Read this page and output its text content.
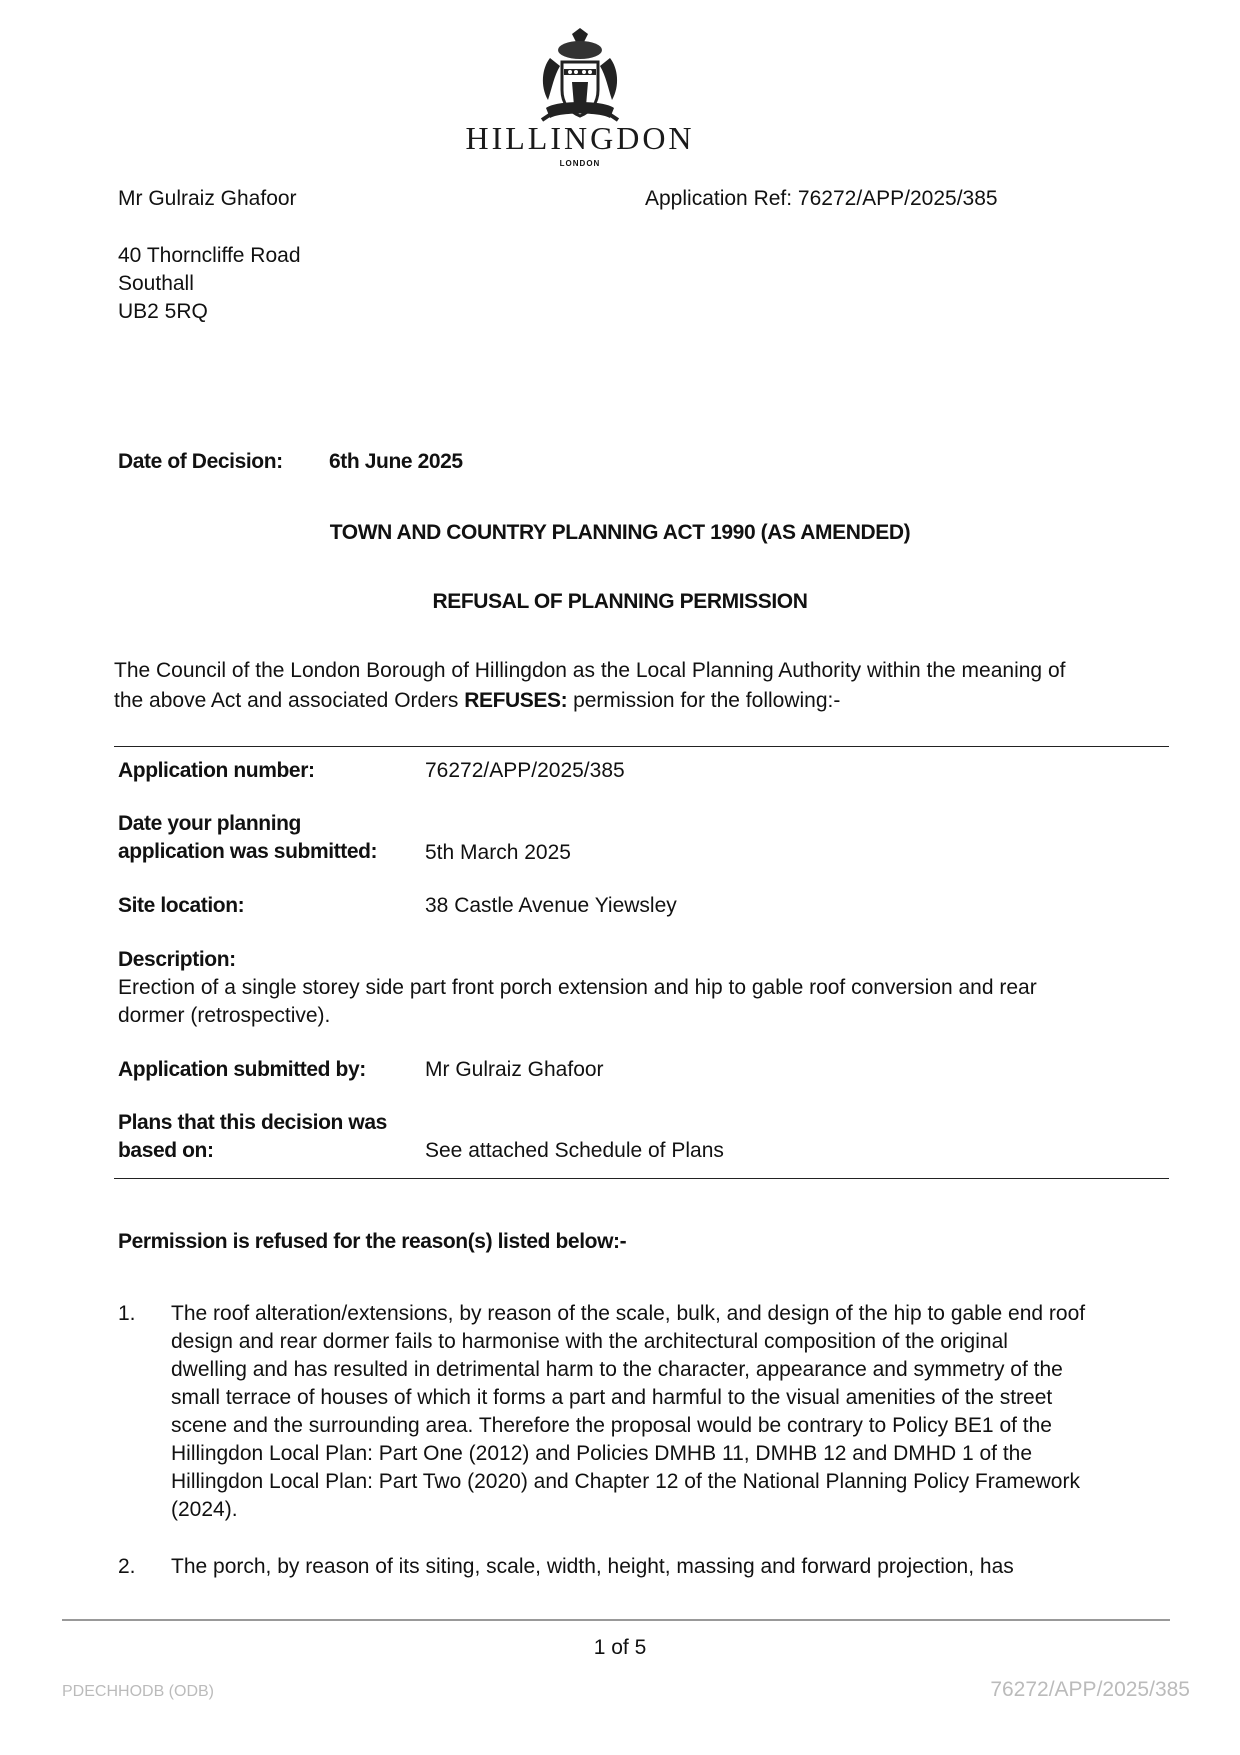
HILLINGDON
LONDON
Mr Gulraiz Ghafoor	Application Ref: 76272/APP/2025/385
40 Thorncliffe Road
Southall
UB2 5RQ
Date of Decision: 6th June 2025
TOWN AND COUNTRY PLANNING ACT 1990 (AS AMENDED)
REFUSAL OF PLANNING PERMISSION
The Council of the London Borough of Hillingdon as the Local Planning Authority within the meaning of
the above Act and associated Orders REFUSES: permission for the following:-
Application number:	76272/APP/2025/385
Date your planning
application was submitted: 5th March 2025
Site location:	38 Castle Avenue Yiewsley
Description:
Erection of a single storey side part front porch extension and hip to gable roof conversion and rear
dormer (retrospective).
Application submitted by:	Mr Gulraiz Ghafoor
Plans that this decision was
based on:	See attached Schedule of Plans
Permission is refused for the reason(s) listed below:-
1. The roof alteration/extensions, by reason of the scale, bulk, and design of the hip to gable end roof
design and rear dormer fails to harmonise with the architectural composition of the original
dwelling and has resulted in detrimental harm to the character, appearance and symmetry of the
small terrace of houses of which it forms a part and harmful to the visual amenities of the street
scene and the surrounding area. Therefore the proposal would be contrary to Policy BE1 of the
Hillingdon Local Plan: Part One (2012) and Policies DMHB 11, DMHB 12 and DMHD 1 of the
Hillingdon Local Plan: Part Two (2020) and Chapter 12 of the National Planning Policy Framework
(2024).
2. The porch, by reason of its siting, scale, width, height, massing and forward projection, has
1 of 5
PDECHHODB (ODB)	76272/APP/2025/385
